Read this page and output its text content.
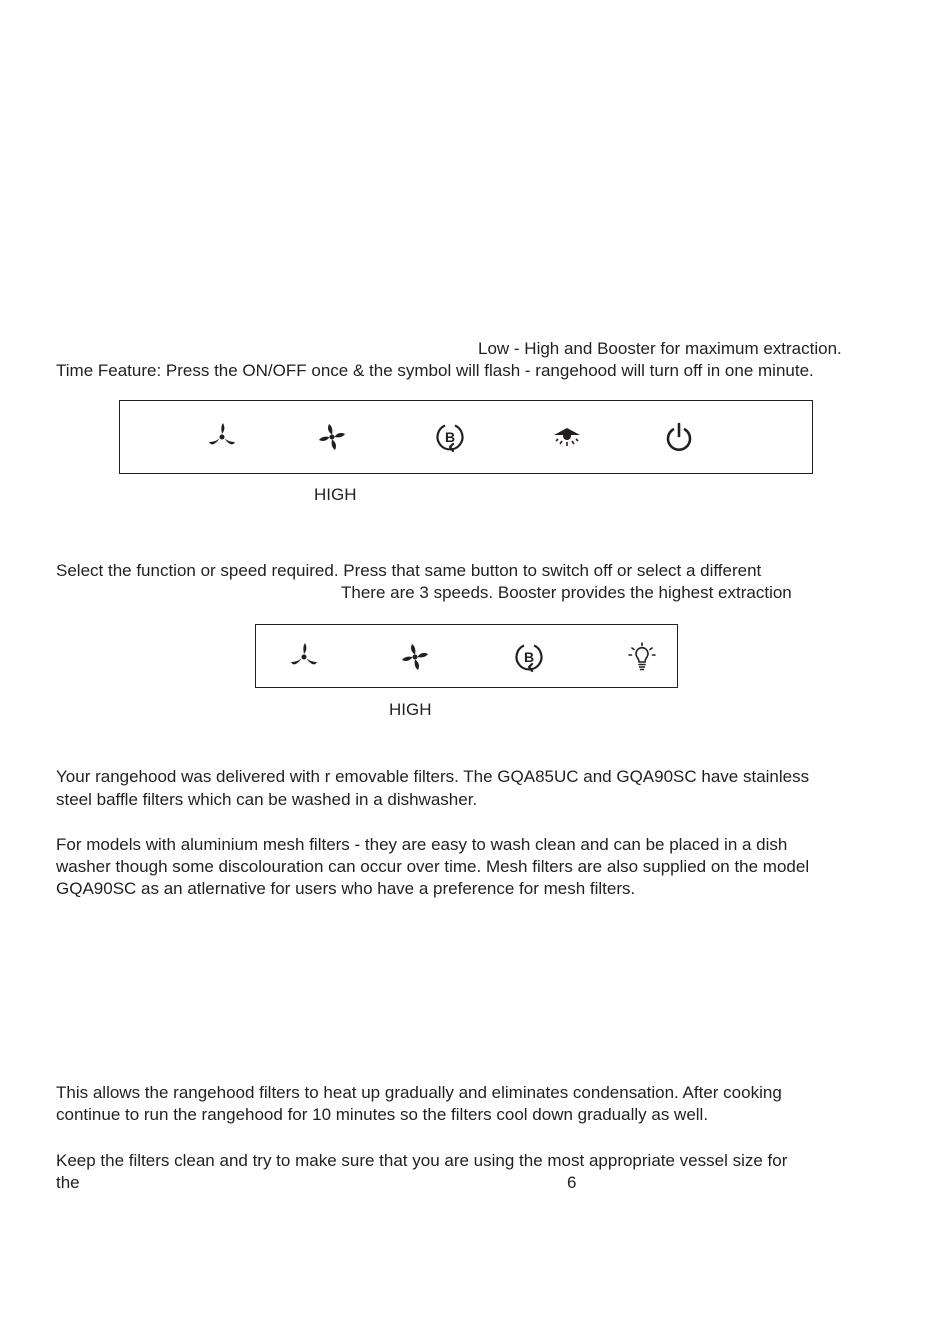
Low - High and Booster for maximum extraction.
Time Feature: Press the ON/OFF once & the symbol will flash - rangehood will turn off in one minute.
B
HIGH
Select the function or speed required. Press that same button to switch off or select a different
There are 3 speeds. Booster provides the highest extraction
B
HIGH
Your rangehood was delivered with r emovable filters. The GQA85UC and GQA90SC have stainless
steel baffle filters which can be washed in a dishwasher.
For models with aluminium mesh filters - they are easy to wash clean and can be placed in a dish
washer though some discolouration can occur over time. Mesh filters are also supplied on the model
GQA90SC as an atlernative for users who have a preference for mesh filters.
This allows the rangehood filters to heat up gradually and eliminates condensation. After cooking
continue to run the rangehood for 10 minutes so the filters cool down gradually as well.
Keep the filters clean and try to make sure that you are using the most appropriate vessel size for
the	6
